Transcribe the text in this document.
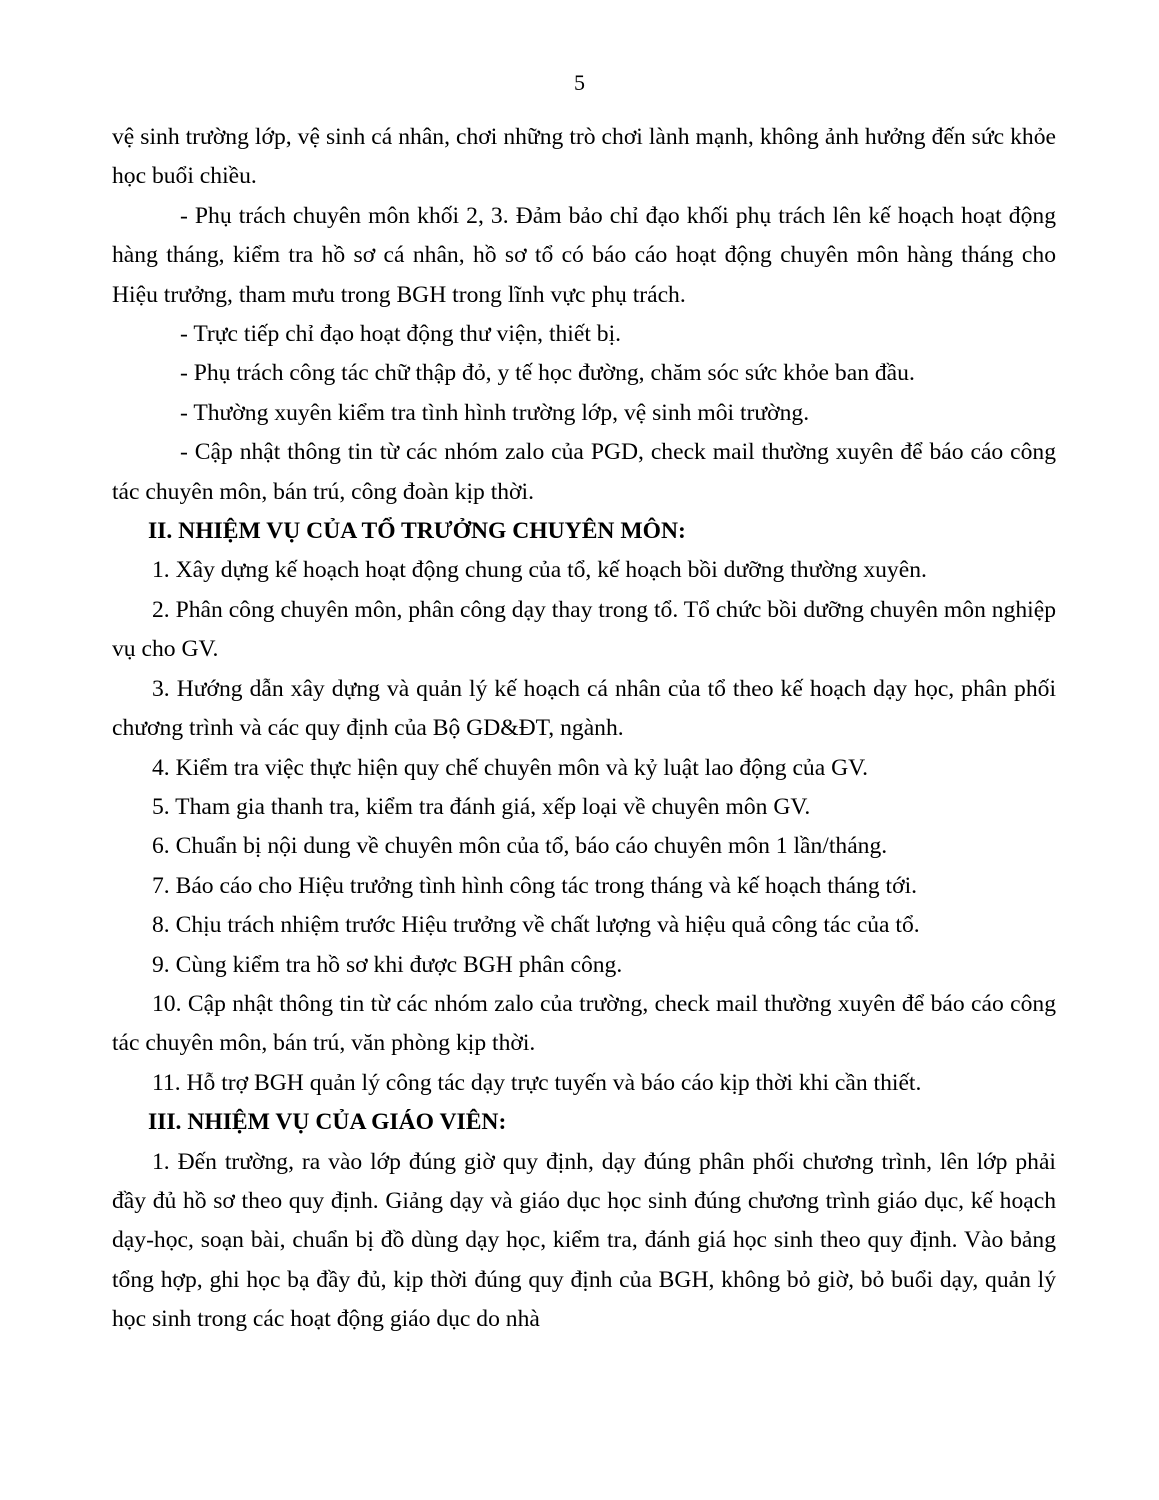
5

vệ sinh trường lớp, vệ sinh cá nhân, chơi những trò chơi lành mạnh, không ảnh hưởng đến sức khỏe học buổi chiều.

- Phụ trách chuyên môn khối 2, 3. Đảm bảo chỉ đạo khối phụ trách lên kế hoạch hoạt động hàng tháng, kiểm tra hồ sơ cá nhân, hồ sơ tổ có báo cáo hoạt động chuyên môn hàng tháng cho Hiệu trưởng, tham mưu trong BGH trong lĩnh vực phụ trách.

- Trực tiếp chỉ đạo hoạt động thư viện, thiết bị.

- Phụ trách công tác chữ thập đỏ, y tế học đường, chăm sóc sức khỏe ban đầu.

- Thường xuyên kiểm tra tình hình trường lớp, vệ sinh môi trường.

- Cập nhật thông tin từ các nhóm zalo của PGD, check mail thường xuyên để báo cáo công tác chuyên môn, bán trú, công đoàn kịp thời.

II. NHIỆM VỤ CỦA TỔ TRƯỞNG CHUYÊN MÔN:

1. Xây dựng kế hoạch hoạt động chung của tổ, kế hoạch bồi dưỡng thường xuyên.

2. Phân công chuyên môn, phân công dạy thay trong tổ. Tổ chức bồi dưỡng chuyên môn nghiệp vụ cho GV.

3. Hướng dẫn xây dựng và quản lý kế hoạch cá nhân của tổ theo kế hoạch dạy học, phân phối chương trình và các quy định của Bộ GD&ĐT, ngành.

4. Kiểm tra việc thực hiện quy chế chuyên môn và kỷ luật lao động của GV.

5. Tham gia thanh tra, kiểm tra đánh giá, xếp loại về chuyên môn GV.

6. Chuẩn bị nội dung về chuyên môn của tổ, báo cáo chuyên môn 1 lần/tháng.

7. Báo cáo cho Hiệu trưởng tình hình công tác trong tháng và kế hoạch tháng tới.

8. Chịu trách nhiệm trước Hiệu trưởng về chất lượng và hiệu quả công tác của tổ.

9. Cùng kiểm tra hồ sơ khi được BGH phân công.

10. Cập nhật thông tin từ các nhóm zalo của trường, check mail thường xuyên để báo cáo công tác chuyên môn, bán trú, văn phòng kịp thời.

11. Hỗ trợ BGH quản lý công tác dạy trực tuyến và báo cáo kịp thời khi cần thiết.

III. NHIỆM VỤ CỦA GIÁO VIÊN:

1. Đến trường, ra vào lớp đúng giờ quy định, dạy đúng phân phối chương trình, lên lớp phải đầy đủ hồ sơ theo quy định. Giảng dạy và giáo dục học sinh đúng chương trình giáo dục, kế hoạch dạy-học, soạn bài, chuẩn bị đồ dùng dạy học, kiểm tra, đánh giá học sinh theo quy định. Vào bảng tổng hợp, ghi học bạ đầy đủ, kịp thời đúng quy định của BGH, không bỏ giờ, bỏ buổi dạy, quản lý học sinh trong các hoạt động giáo dục do nhà
